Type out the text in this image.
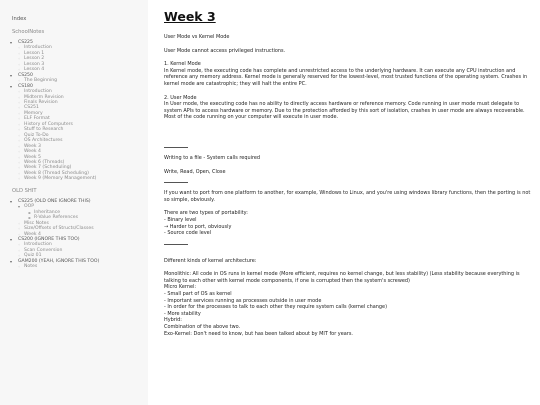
Index
SchoolNotes
▾ CS225
◦ Introduction
◦ Lesson 1
◦ Lesson 2
◦ Lesson 3
◦ Lesson 4
▾ CS250
◦ The Beginning
▾ CS180
◦ Introduction
◦ Midterm Revision
◦ Finals Revision
◦ CS251
◦ Memory
◦ ELF Format
◦ History of Computers
◦ Stuff to Research
◦ Quiz To-Do
◦ OS Architectures
◦ Week 3
◦ Week 4
◦ Week 5
◦ Week 6 (Threads)
◦ Week 7 (Scheduling)
◦ Week 8 (Thread Scheduling)
◦ Week 9 (Memory Management)
OLD SHIT
▾ CS225 (OLD ONE IGNORE THIS)
▾ OOP
▪ Inheritance
▪ R-Value References
◦ Misc Notes
◦ Size/Offsets of Structs/Classes
◦ Week 4
▾ CS200 (IGNORE THIS TOO)
◦ Introduction
◦ Scan Conversion
◦ Quiz 01
▾ GAM200 (YEAH, IGNORE THIS TOO)
◦ Notes
Week 3
User Mode vs Kernel Mode
User Mode cannot access privileged instructions.
1. Kernel Mode
In Kernel mode, the executing code has complete and unrestricted access to the underlying hardware. It can execute any CPU instruction and reference any memory address. Kernel mode is generally reserved for the lowest-level, most trusted functions of the operating system. Crashes in kernel mode are catastrophic; they will halt the entire PC.
2. User Mode
In User mode, the executing code has no ability to directly access hardware or reference memory. Code running in user mode must delegate to system APIs to access hardware or memory. Due to the protection afforded by this sort of isolation, crashes in user mode are always recoverable. Most of the code running on your computer will execute in user mode.
Writing to a file - System calls required
Write, Read, Open, Close
If you want to port from one platform to another, for example, Windows to Linux, and you're using windows library functions, then the porting is not so simple, obviously.
There are two types of portability:
- Binary level
→ Harder to port, obviously
- Source code level
Different kinds of kernel architecture:
Monolithic: All code in OS runs in kernel mode (More efficient, requires no kernel change, but less stability) (Less stability because everything is talking to each other with kernel mode components, if one is corrupted then the system's screwed)
Micro Kernel:
- Small part of OS as kernel
- Important services running as processes outside in user mode
- In order for the processes to talk to each other they require system calls (kernel change)
- More stability
Hybrid:
Combination of the above two.
Exo-Kernel: Don't need to know, but has been talked about by MIT for years.
